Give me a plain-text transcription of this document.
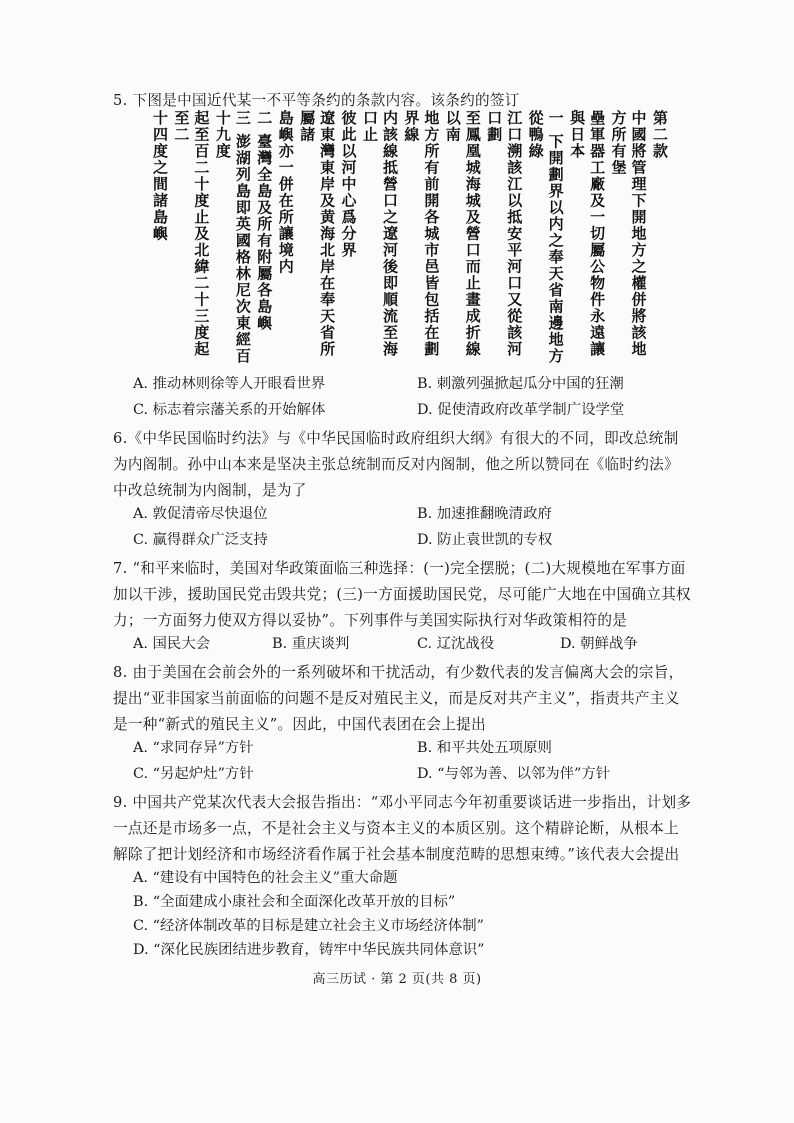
5. 下图是中国近代某一不平等条约的条款内容。该条约的签订
第二款
中國將管理下開地方之權併將該地方所有堡
壘軍器工廠及一切屬公物件永遠讓與日本
一 下開劃界以内之奉天省南邊地方從鴨綠
江口溯該江以抵安平河口又從該河口劃
至鳳凰城海城及營口而止畫成折線以南
地方所有前開各城市邑皆包括在劃界線
内該線抵營口之遼河後即順流至海口止
彼此以河中心爲分界
遼東灣東岸及黄海北岸在奉天省所屬諸
島嶼亦一併在所讓境内
二 臺灣全島及所有附屬各島嶼
三 澎湖列島即英國格林尼次東經百十九度
起至百二十度止及北緯二十三度起至二
十四度之間諸島嶼
A. 推动林则徐等人开眼看世界	B. 刺激列强掀起瓜分中国的狂潮
C. 标志着宗藩关系的开始解体	D. 促使清政府改革学制广设学堂
6.《中华民国临时约法》与《中华民国临时政府组织大纲》有很大的不同，即改总统制为内阁制。孙中山本来是坚决主张总统制而反对内阁制，他之所以赞同在《临时约法》中改总统制为内阁制，是为了
A. 敦促清帝尽快退位	B. 加速推翻晚清政府
C. 赢得群众广泛支持	D. 防止袁世凯的专权
7. “和平来临时，美国对华政策面临三种选择：(一)完全摆脱；(二)大规模地在军事方面加以干涉，援助国民党击毁共党；(三)一方面援助国民党，尽可能广大地在中国确立其权力；一方面努力使双方得以妥协”。下列事件与美国实际执行对华政策相符的是
A. 国民大会	B. 重庆谈判	C. 辽沈战役	D. 朝鲜战争
8. 由于美国在会前会外的一系列破坏和干扰活动，有少数代表的发言偏离大会的宗旨，提出“亚非国家当前面临的问题不是反对殖民主义，而是反对共产主义”，指责共产主义是一种“新式的殖民主义”。因此，中国代表团在会上提出
A. “求同存异”方针	B. 和平共处五项原则
C. “另起炉灶”方针	D. “与邻为善、以邻为伴”方针
9. 中国共产党某次代表大会报告指出：“邓小平同志今年初重要谈话进一步指出，计划多一点还是市场多一点，不是社会主义与资本主义的本质区别。这个精辟论断，从根本上解除了把计划经济和市场经济看作属于社会基本制度范畴的思想束缚。”该代表大会提出
A. “建设有中国特色的社会主义”重大命题
B. “全面建成小康社会和全面深化改革开放的目标”
C. “经济体制改革的目标是建立社会主义市场经济体制”
D. “深化民族团结进步教育，铸牢中华民族共同体意识”
高三历试 · 第 2 页(共 8 页)
